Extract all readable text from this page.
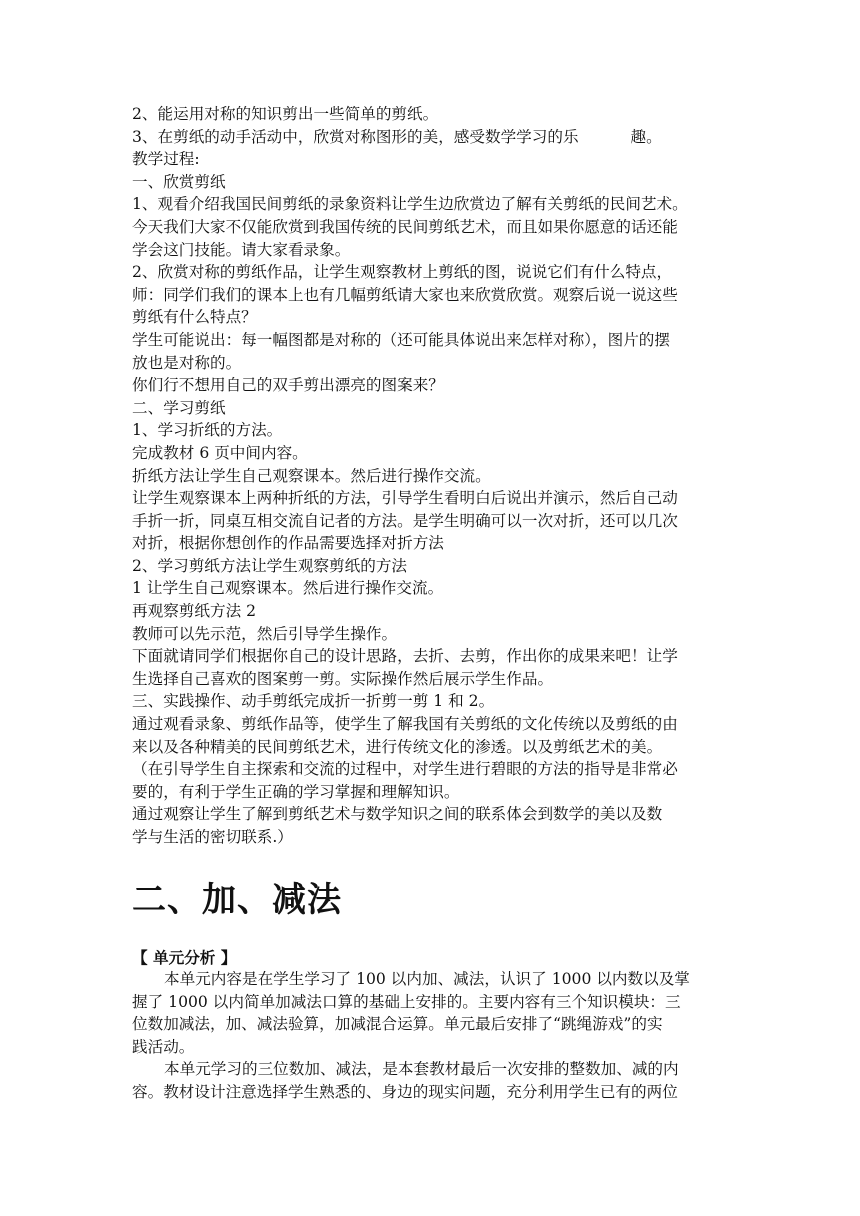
2、能运用对称的知识剪出一些简单的剪纸。
3、在剪纸的动手活动中，欣赏对称图形的美，感受数学学习的乐	趣。
教学过程:
一、欣赏剪纸
1、观看介绍我国民间剪纸的录象资料让学生边欣赏边了解有关剪纸的民间艺术。
今天我们大家不仅能欣赏到我国传统的民间剪纸艺术，而且如果你愿意的话还能
学会这门技能。请大家看录象。
2、欣赏对称的剪纸作品，让学生观察教材上剪纸的图，说说它们有什么特点，
师：同学们我们的课本上也有几幅剪纸请大家也来欣赏欣赏。观察后说一说这些
剪纸有什么特点？
学生可能说出：每一幅图都是对称的（还可能具体说出来怎样对称），图片的摆
放也是对称的。
你们行不想用自己的双手剪出漂亮的图案来？
二、学习剪纸
1、学习折纸的方法。
完成教材 6 页中间内容。
折纸方法让学生自己观察课本。然后进行操作交流。
让学生观察课本上两种折纸的方法，引导学生看明白后说出并演示，然后自己动
手折一折，同桌互相交流自记者的方法。是学生明确可以一次对折，还可以几次
对折，根据你想创作的作品需要选择对折方法
2、学习剪纸方法让学生观察剪纸的方法
1 让学生自己观察课本。然后进行操作交流。
再观察剪纸方法 2
教师可以先示范，然后引导学生操作。
下面就请同学们根据你自己的设计思路，去折、去剪，作出你的成果来吧！让学
生选择自己喜欢的图案剪一剪。实际操作然后展示学生作品。
三、实践操作、动手剪纸完成折一折剪一剪 1 和 2。
通过观看录象、剪纸作品等，使学生了解我国有关剪纸的文化传统以及剪纸的由
来以及各种精美的民间剪纸艺术，进行传统文化的渗透。以及剪纸艺术的美。
（在引导学生自主探索和交流的过程中，对学生进行碧眼的方法的指导是非常必
要的，有利于学生正确的学习掌握和理解知识。
通过观察让学生了解到剪纸艺术与数学知识之间的联系体会到数学的美以及数
学与生活的密切联系.）
二、加、减法
【 单元分析 】
本单元内容是在学生学习了 100 以内加、减法，认识了 1000 以内数以及掌
握了 1000 以内简单加减法口算的基础上安排的。主要内容有三个知识模块：三
位数加减法，加、减法验算，加减混合运算。单元最后安排了“跳绳游戏”的实
践活动。
本单元学习的三位数加、减法，是本套教材最后一次安排的整数加、减的内
容。教材设计注意选择学生熟悉的、身边的现实问题，充分利用学生已有的两位
